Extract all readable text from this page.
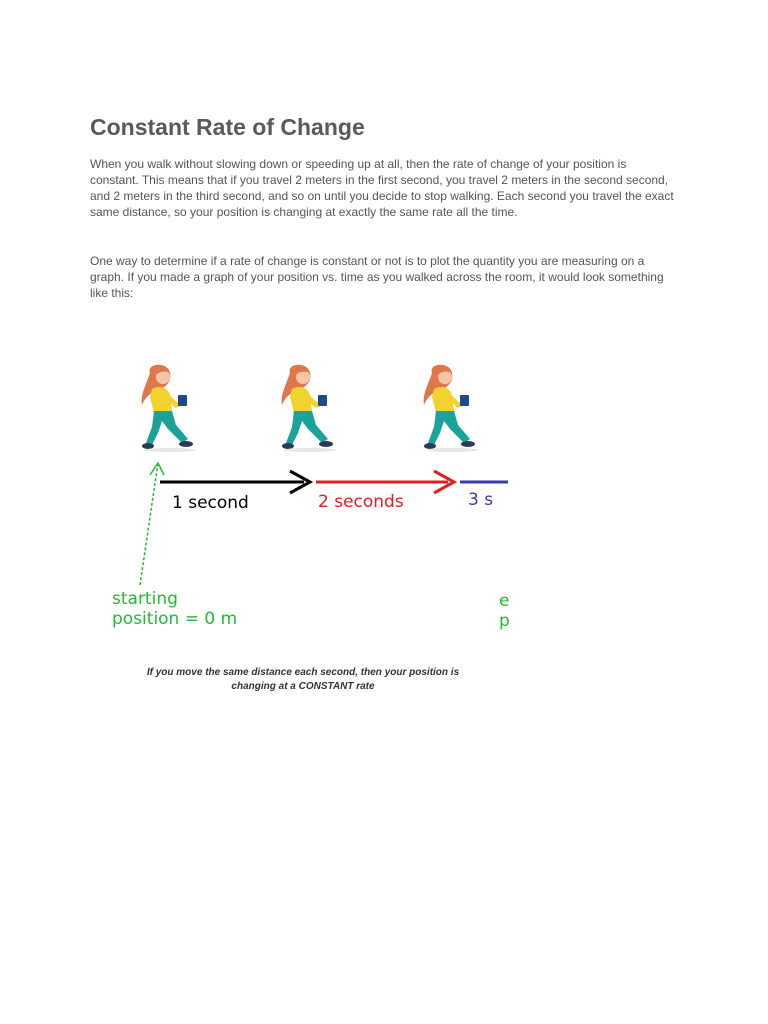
Constant Rate of Change

When you walk without slowing down or speeding up at all, then the rate of change of your position is constant. This means that if you travel 2 meters in the first second, you travel 2 meters in the second second, and 2 meters in the third second, and so on until you decide to stop walking. Each second you travel the exact same distance, so your position is changing at exactly the same rate all the time.

One way to determine if a rate of change is constant or not is to plot the quantity you are measuring on a graph. If you made a graph of your position vs. time as you walked across the room, it would look something like this:

1 second	2 seconds	3 s
starting
position = 0 m
e
p
If you move the same distance each second, then your position is
changing at a CONSTANT rate
